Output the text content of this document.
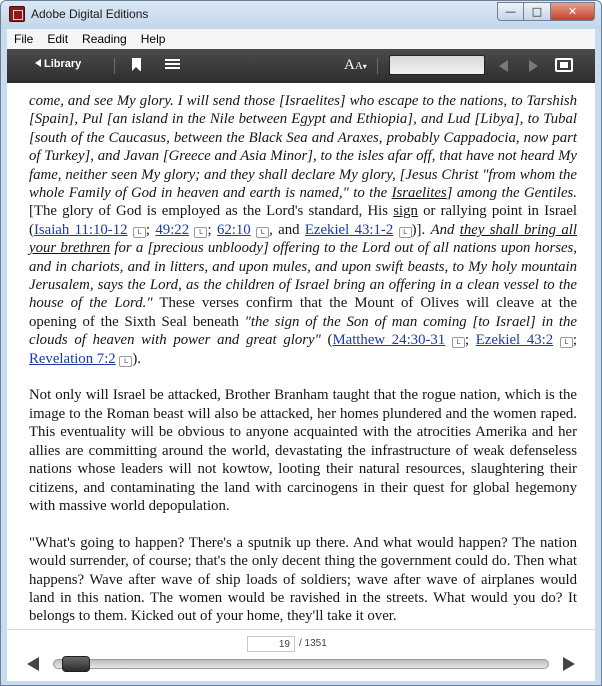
Adobe Digital Editions	—	□	✕
File	Edit	Reading	Help
Library	AA▾

come, and see My glory. I will send those [Israelites] who escape to the nations, to Tarshish [Spain], Pul [an island in the Nile between Egypt and Ethiopia], and Lud [Libya], to Tubal [south of the Caucasus, between the Black Sea and Araxes, probably Cappadocia, now part of Turkey], and Javan [Greece and Asia Minor], to the isles afar off, that have not heard My fame, neither seen My glory; and they shall declare My glory, [Jesus Christ "from whom the whole Family of God in heaven and earth is named," to the Israelites] among the Gentiles. [The glory of God is employed as the Lord's standard, His sign or rallying point in Israel (Isaiah 11:10-12 L ; 49:22 L ; 62:10 L , and Ezekiel 43:1-2 L )]. And they shall bring all your brethren for a [precious unbloody] offering to the Lord out of all nations upon horses, and in chariots, and in litters, and upon mules, and upon swift beasts, to My holy mountain Jerusalem, says the Lord, as the children of Israel bring an offering in a clean vessel to the house of the Lord." These verses confirm that the Mount of Olives will cleave at the opening of the Sixth Seal beneath "the sign of the Son of man coming [to Israel] in the clouds of heaven with power and great glory" (Matthew 24:30-31 L ; Ezekiel 43:2 L ; Revelation 7:2 L ).

Not only will Israel be attacked, Brother Branham taught that the rogue nation, which is the image to the Roman beast will also be attacked, her homes plundered and the women raped. This eventuality will be obvious to anyone acquainted with the atrocities Amerika and her allies are committing around the world, devastating the infrastructure of weak defenseless nations whose leaders will not kowtow, looting their natural resources, slaughtering their citizens, and contaminating the land with carcinogens in their quest for global hegemony with massive world depopulation.

"What's going to happen? There's a sputnik up there. And what would happen? The nation would surrender, of course; that's the only decent thing the government could do. Then what happens? Wave after wave of ship loads of soldiers; wave after wave of airplanes would land in this nation. The women would be ravished in the streets. What would you do? It belongs to them. Kicked out of your home, they'll take it over.

19
/ 1351
